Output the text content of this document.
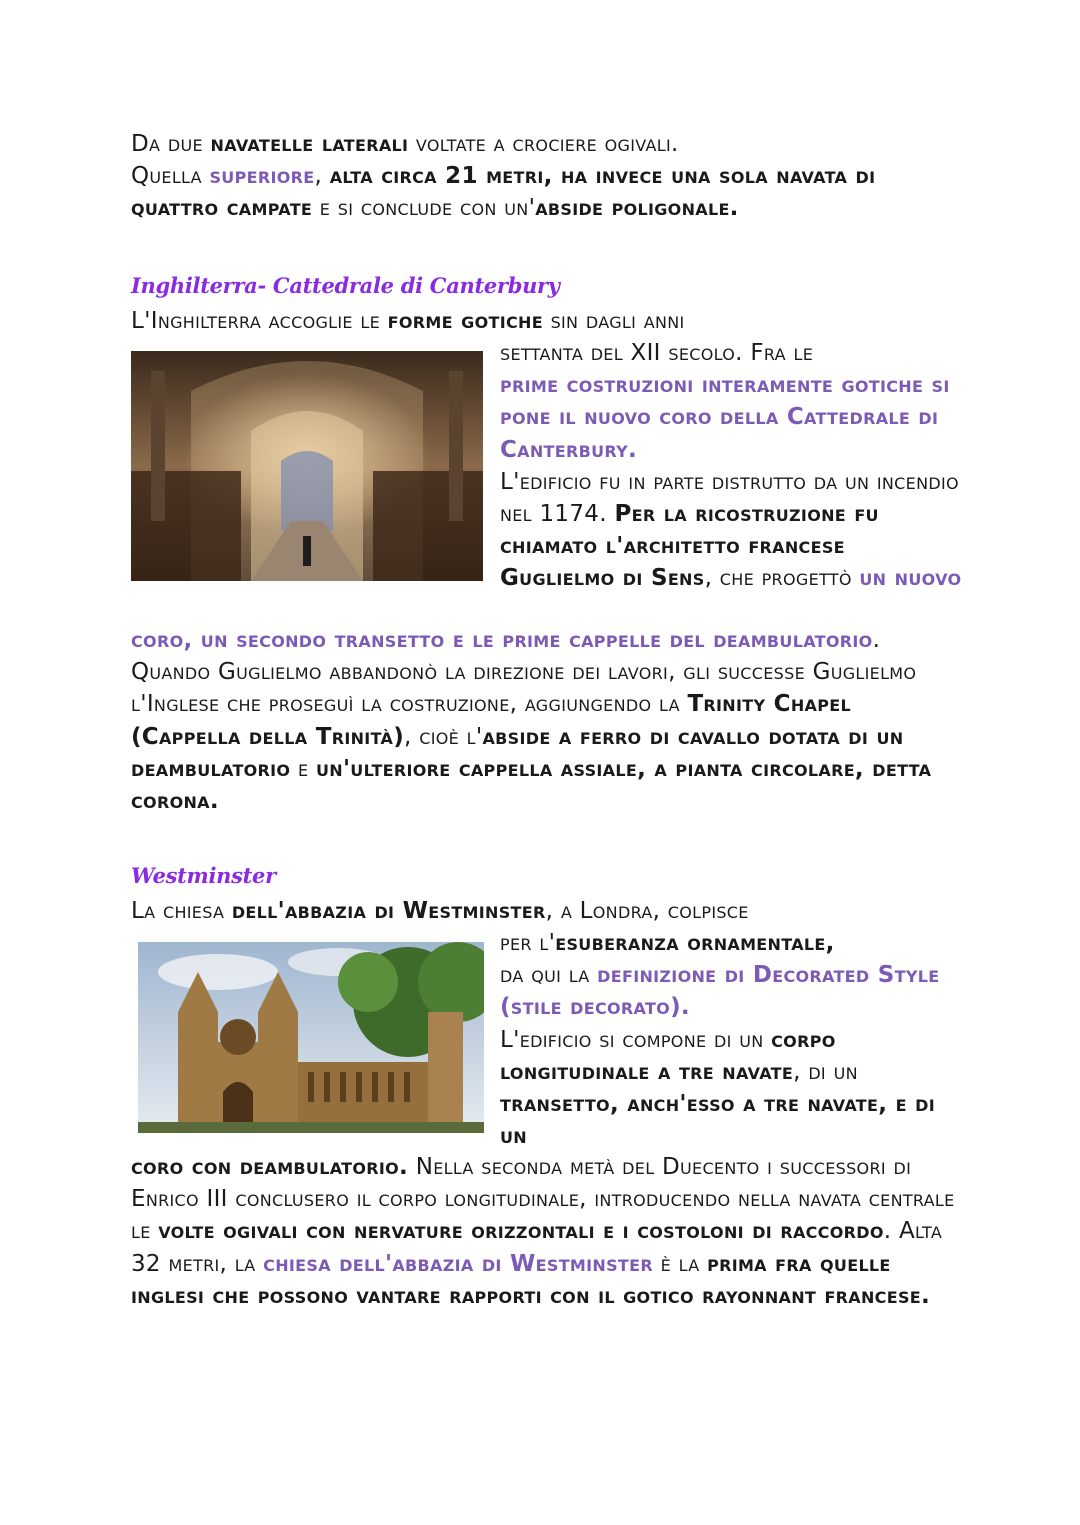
Da due navatelle laterali voltate a crociere ogivali.
Quella superiore, alta circa 21 metri, ha invece una sola navata di quattro campate e si conclude con un'abside poligonale.
Inghilterra- Cattedrale di Canterbury
L'Inghilterra accoglie le forme gotiche sin dagli anni
settanta del XII secolo. Fra le
prime costruzioni interamente gotiche si pone il nuovo coro della Cattedrale di Canterbury.
L'edificio fu in parte distrutto da un incendio nel 1174. Per la ricostruzione fu chiamato l'architetto francese Guglielmo di Sens, che progettò un nuovo
coro, un secondo transetto e le prime cappelle del deambulatorio. Quando Guglielmo abbandonò la direzione dei lavori, gli successe Guglielmo l'Inglese che proseguì la costruzione, aggiungendo la Trinity Chapel (Cappella della Trinità), cioè l'abside a ferro di cavallo dotata di un deambulatorio e un'ulteriore cappella assiale, a pianta circolare, detta corona.
Westminster
La chiesa dell'abbazia di Westminster, a Londra, colpisce
per l'esuberanza ornamentale,
da qui la definizione di Decorated Style (stile decorato).
L'edificio si compone di un corpo longitudinale a tre navate, di un transetto, anch'esso a tre navate, e di un
coro con deambulatorio. Nella seconda metà del Duecento i successori di Enrico III conclusero il corpo longitudinale, introducendo nella navata centrale le volte ogivali con nervature orizzontali e i costoloni di raccordo. Alta 32 metri, la chiesa dell'abbazia di Westminster è la prima fra quelle inglesi che possono vantare rapporti con il gotico rayonnant francese.
